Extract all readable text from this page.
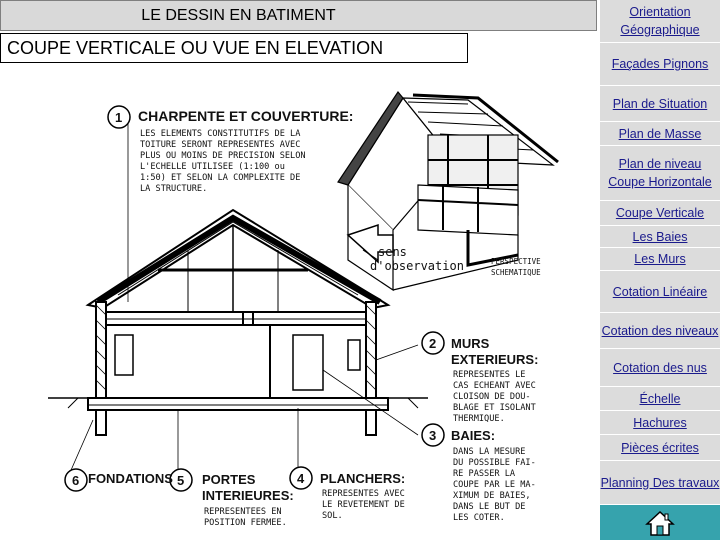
LE DESSIN EN BATIMENT
COUPE VERTICALE OU VUE EN ELEVATION
Orientation Géographique
Façades Pignons
Plan de Situation
Plan de Masse
Plan de niveau Coupe Horizontale
Coupe Verticale
Les Baies
Les Murs
Cotation Linéaire
Cotation des niveaux
Cotation des nus
Échelle
Hachures
Pièces écrites
Planning Des travaux
sens
d'observation	PERSPECTIVE
SCHEMATIQUE
1 CHARPENTE ET COUVERTURE:
LES ELEMENTS CONSTITUTIFS DE LA
TOITURE SERONT REPRESENTES AVEC
PLUS OU MOINS DE PRECISION SELON
L'ECHELLE UTILISEE (1:100 ou
1:50) ET SELON LA COMPLEXITE DE
LA STRUCTURE.
2 MURS
EXTERIEURS:
REPRESENTES LE
CAS ECHEANT AVEC
CLOISON DE DOU-
BLAGE ET ISOLANT
THERMIQUE.
3 BAIES:
DANS LA MESURE
DU POSSIBLE FAI-
RE PASSER LA
COUPE PAR LE MA-
XIMUM DE BAIES,
DANS LE BUT DE
LES COTER.
4 PLANCHERS:
REPRESENTES AVEC
LE REVETEMENT DE
SOL.
5 PORTES
INTERIEURES:
REPRESENTEES EN
POSITION FERMEE.
6 FONDATIONS
